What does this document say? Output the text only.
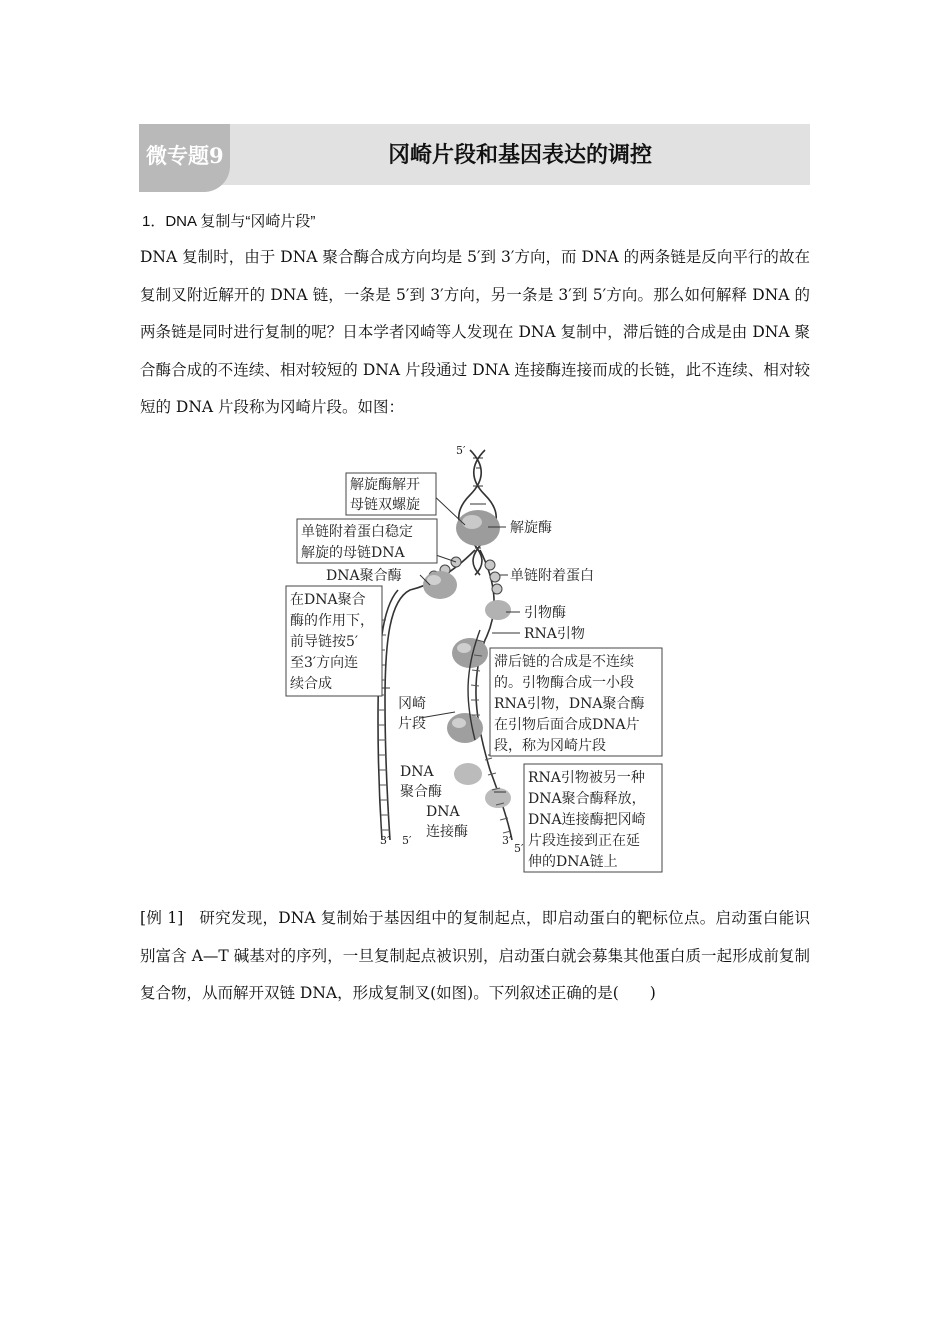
微专题9	冈崎片段和基因表达的调控
1．DNA 复制与“冈崎片段”
DNA 复制时，由于 DNA 聚合酶合成方向均是 5′到 3′方向，而 DNA 的两条链是反向平行的故在复制叉附近解开的 DNA 链，一条是 5′到 3′方向，另一条是 3′到 5′方向。那么如何解释 DNA 的两条链是同时进行复制的呢？日本学者冈崎等人发现在 DNA 复制中，滞后链的合成是由 DNA 聚合酶合成的不连续、相对较短的 DNA 片段通过 DNA 连接酶连接而成的长链，此不连续、相对较短的 DNA 片段称为冈崎片段。如图：
5′
解旋酶解开
母链双螺旋
单链附着蛋白稳定
解旋的母链DNA
解旋酶
DNA聚合酶	单链附着蛋白
在DNA聚合
酶的作用下，
前导链按5′
至3′方向连
续合成
引物酶
RNA引物
滞后链的合成是不连续
的。引物酶合成一小段
RNA引物，DNA聚合酶
在引物后面合成DNA片
段，称为冈崎片段
冈崎
片段
DNA
聚合酶
DNA
连接酶
RNA引物被另一种
DNA聚合酶释放，
DNA连接酶把冈崎
片段连接到正在延
伸的DNA链上
3′ 5′	3′
5′
[例 1]　研究发现，DNA 复制始于基因组中的复制起点，即启动蛋白的靶标位点。启动蛋白能识别富含 A—T 碱基对的序列，一旦复制起点被识别，启动蛋白就会募集其他蛋白质一起形成前复制复合物，从而解开双链 DNA，形成复制叉(如图)。下列叙述正确的是(　　)
